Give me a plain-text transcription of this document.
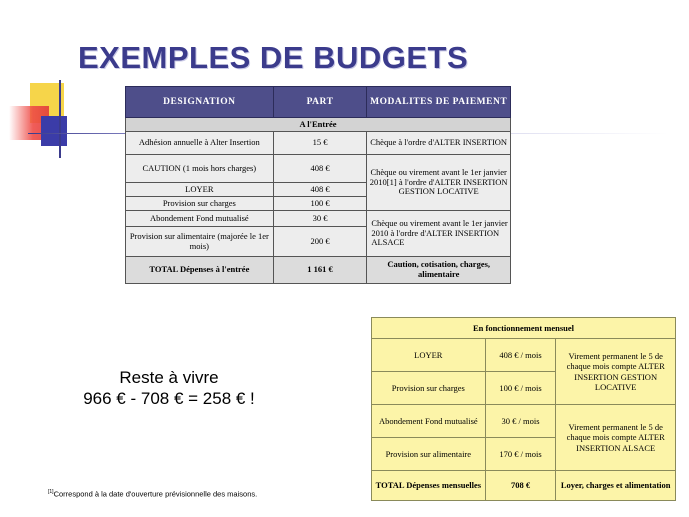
EXEMPLES DE BUDGETS
DESIGNATION	PART	MODALITES DE PAIEMENT
A l'Entrée		
Adhésion annuelle à Alter Insertion	15 €	Chèque à l'ordre d'ALTER INSERTION
CAUTION (1 mois hors charges)	408 €	Chèque ou virement avant le 1er janvier 2010[1] à l'ordre d'ALTER INSERTION GESTION LOCATIVE
LOYER	408 €	
Provision sur charges	100 €	
Abondement Fond mutualisé	30 €	Chèque ou virement avant le 1er janvier 2010 à l'ordre d'ALTER INSERTION ALSACE
Provision sur alimentaire (majorée le 1er mois)	200 €	
TOTAL Dépenses à l'entrée	1 161 €	Caution, cotisation, charges, alimentaire
En fonctionnement mensuel		
LOYER	408 € / mois	Virement permanent le 5 de chaque mois compte ALTER INSERTION GESTION LOCATIVE
Provision sur charges	100 € / mois	
Abondement Fond mutualisé	30 € / mois	Virement permanent le 5 de chaque mois compte ALTER INSERTION ALSACE
Provision sur alimentaire	170 € / mois	
TOTAL Dépenses mensuelles	708 €	Loyer, charges et alimentation
Reste à vivre
966 € - 708 € = 258 € !
[1]Correspond à la date d'ouverture prévisionnelle des maisons.
